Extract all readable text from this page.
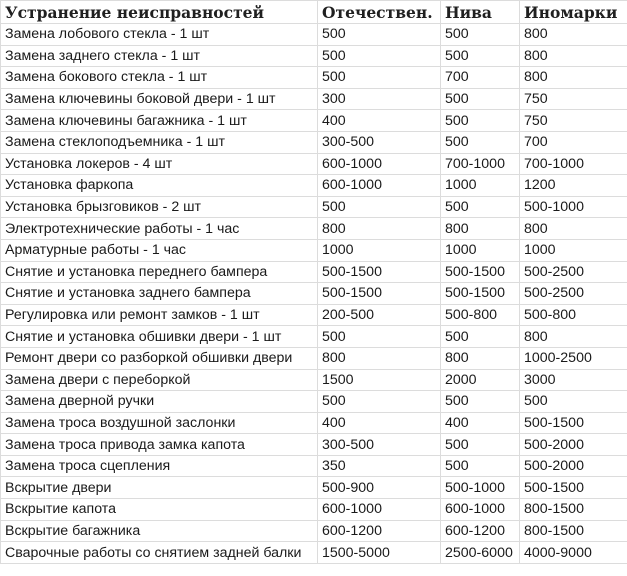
Устранение неисправностей	Отечествен.	Нива	Иномарки
Замена лобового стекла - 1 шт	500	500	800
Замена заднего стекла - 1 шт	500	500	800
Замена бокового стекла - 1 шт	500	700	800
Замена ключевины боковой двери - 1 шт	300	500	750
Замена ключевины багажника - 1 шт	400	500	750
Замена стеклоподъемника - 1 шт	300-500	500	700
Установка локеров - 4 шт	600-1000	700-1000	700-1000
Установка фаркопа	600-1000	1000	1200
Установка брызговиков - 2 шт	500	500	500-1000
Электротехнические работы - 1 час	800	800	800
Арматурные работы - 1 час	1000	1000	1000
Снятие и установка переднего бампера	500-1500	500-1500	500-2500
Снятие и установка заднего бампера	500-1500	500-1500	500-2500
Регулировка или ремонт замков - 1 шт	200-500	500-800	500-800
Снятие и установка обшивки двери - 1 шт	500	500	800
Ремонт двери со разборкой обшивки двери	800	800	1000-2500
Замена двери с переборкой	1500	2000	3000
Замена дверной ручки	500	500	500
Замена троса воздушной заслонки	400	400	500-1500
Замена троса привода замка капота	300-500	500	500-2000
Замена троса сцепления	350	500	500-2000
Вскрытие двери	500-900	500-1000	500-1500
Вскрытие капота	600-1000	600-1000	800-1500
Вскрытие багажника	600-1200	600-1200	800-1500
Сварочные работы со снятием задней балки	1500-5000	2500-6000	4000-9000
